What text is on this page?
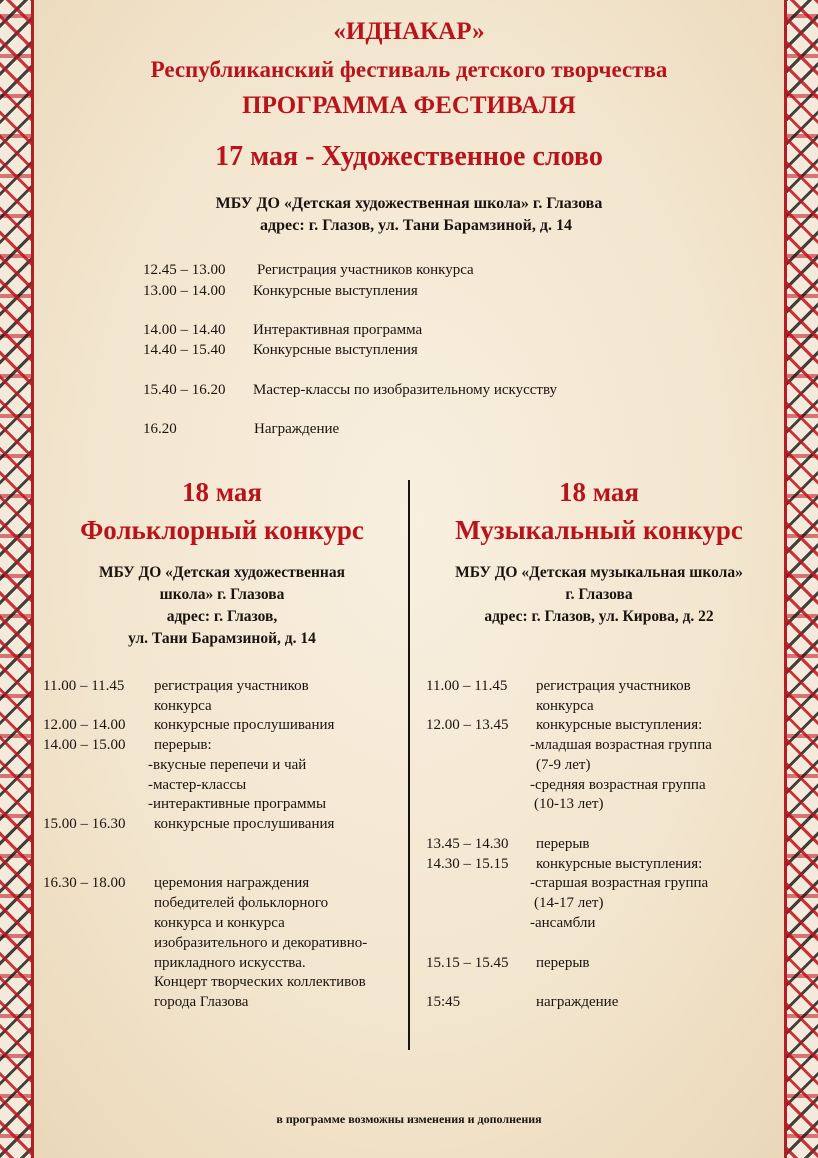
«ИДНАКАР»
Республиканский фестиваль детского творчества
ПРОГРАММА ФЕСТИВАЛЯ
17 мая - Художественное слово
МБУ ДО «Детская художественная школа» г. Глазова
адрес: г. Глазов, ул. Тани Барамзиной, д. 14
12.45 – 13.00 Регистрация участников конкурса
13.00 – 14.00 Конкурсные выступления
14.00 – 14.40 Интерактивная программа
14.40 – 15.40 Конкурсные выступления
15.40 – 16.20 Мастер-классы по изобразительному искусству
16.20	Награждение
18 мая
Фольклорный конкурс
МБУ ДО «Детская художественная
школа» г. Глазова
адрес: г. Глазов,
ул. Тани Барамзиной, д. 14
11.00 – 11.45 регистрация участников
конкурса
12.00 – 14.00 конкурсные прослушивания
14.00 – 15.00 перерыв:
-вкусные перепечи и чай
-мастер-классы
-интерактивные программы
15.00 – 16.30 конкурсные прослушивания
16.30 – 18.00 церемония награждения
победителей фольклорного
конкурса и конкурса
изобразительного и декоративно-
прикладного искусства.
Концерт творческих коллективов
города Глазова
18 мая
Музыкальный конкурс
МБУ ДО «Детская музыкальная школа»
г. Глазова
адрес: г. Глазов, ул. Кирова, д. 22
11.00 – 11.45 регистрация участников
конкурса
12.00 – 13.45 конкурсные выступления:
-младшая возрастная группа
(7-9 лет)
-средняя возрастная группа
(10-13 лет)
13.45 – 14.30 перерыв
14.30 – 15.15 конкурсные выступления:
-старшая возрастная группа
(14-17 лет)
-ансамбли
15.15 – 15.45 перерыв
15:45	награждение
в программе возможны изменения и дополнения
